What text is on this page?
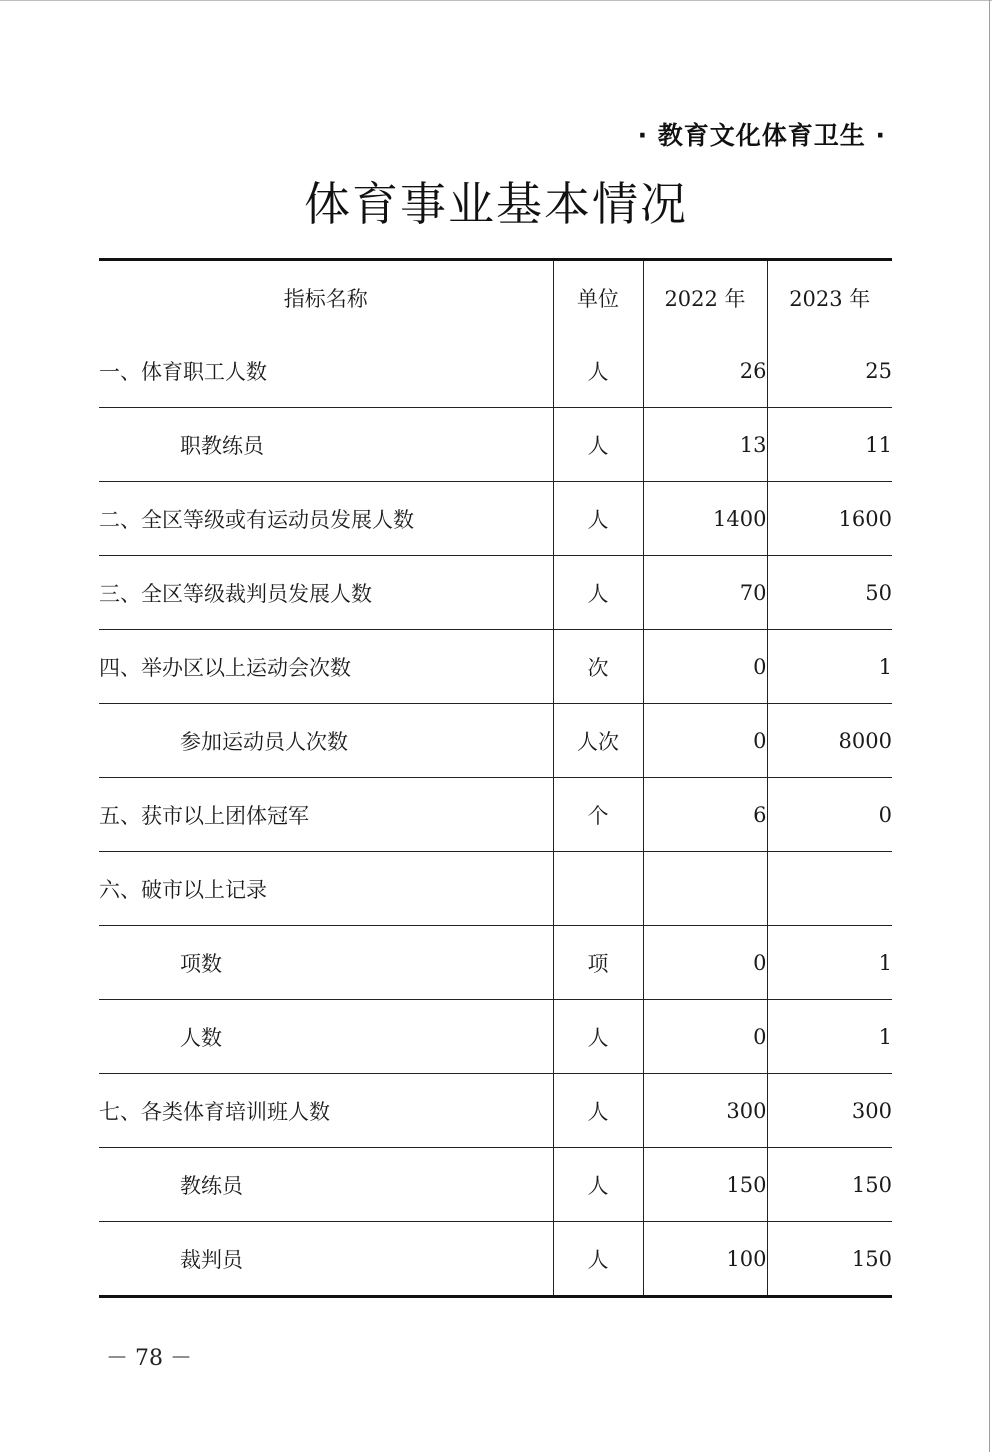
· 教育文化体育卫生 ·
体育事业基本情况
指标名称	单位	2022 年	2023 年
一、体育职工人数	人	26	25
职教练员	人	13	11
二、全区等级或有运动员发展人数	人	1400	1600
三、全区等级裁判员发展人数	人	70	50
四、举办区以上运动会次数	次	0	1
参加运动员人次数	人次	0	8000
五、获市以上团体冠军	个	6	0
六、破市以上记录			
项数	项	0	1
人数	人	0	1
七、各类体育培训班人数	人	300	300
教练员	人	150	150
裁判员	人	100	150
－ 78 －
